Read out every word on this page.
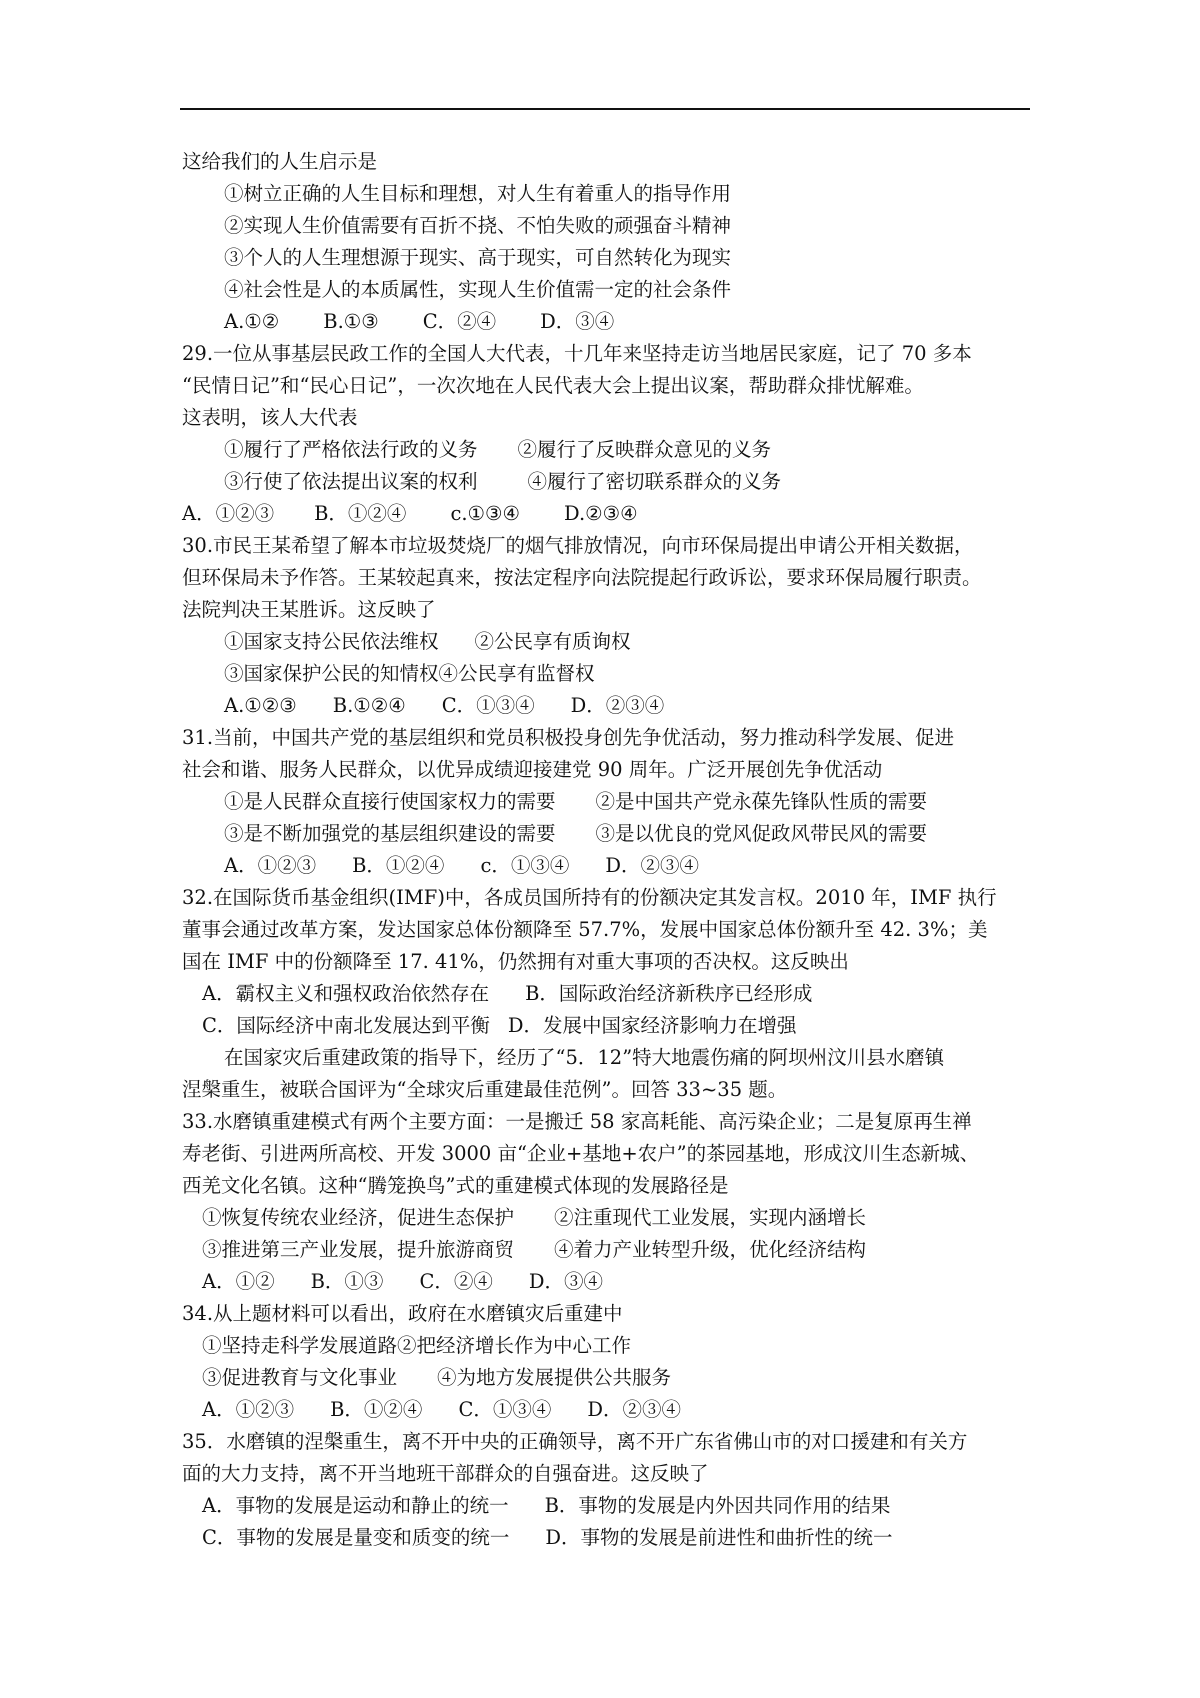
这给我们的人生启示是
①树立正确的人生目标和理想，对人生有着重人的指导作用
②实现人生价值需要有百折不挠、不怕失败的顽强奋斗精神
③个人的人生理想源于现实、高于现实，可自然转化为现实
④社会性是人的本质属性，实现人生价值需一定的社会条件
A.①② B.①③ C．②④ D．③④
29.一位从事基层民政工作的全国人大代表，十几年来坚持走访当地居民家庭，记了 70 多本
“民情日记”和“民心日记”，一次次地在人民代表大会上提出议案，帮助群众排忧解难。
这表明，该人大代表
①履行了严格依法行政的义务 ②履行了反映群众意见的义务
③行使了依法提出议案的权利	④履行了密切联系群众的义务
A．①②③ B．①②④ c.①③④ D.②③④
30.市民王某希望了解本市垃圾焚烧厂的烟气排放情况，向市环保局提出申请公开相关数据，
但环保局未予作答。王某较起真来，按法定程序向法院提起行政诉讼，要求环保局履行职责。
法院判决王某胜诉。这反映了
①国家支持公民依法维权 ②公民享有质询权
③国家保护公民的知情权④公民享有监督权
A.①②③ B.①②④ C．①③④ D．②③④
31.当前，中国共产党的基层组织和党员积极投身创先争优活动，努力推动科学发展、促进
社会和谐、服务人民群众，以优异成绩迎接建党 90 周年。广泛开展创先争优活动
①是人民群众直接行使国家权力的需要 ②是中国共产党永葆先锋队性质的需要
③是不断加强党的基层组织建设的需要 ③是以优良的党风促政风带民风的需要
A．①②③ B．①②④ c．①③④ D．②③④
32.在国际货币基金组织(IMF)中，各成员国所持有的份额决定其发言权。2010 年，IMF 执行
董事会通过改革方案，发达国家总体份额降至 57.7%，发展中国家总体份额升至 42. 3%；美
国在 IMF 中的份额降至 17. 41%，仍然拥有对重大事项的否决权。这反映出
A．霸权主义和强权政治依然存在 B．国际政治经济新秩序已经形成
C．国际经济中南北发展达到平衡 D．发展中国家经济影响力在增强
在国家灾后重建政策的指导下，经历了“5．12”特大地震伤痛的阿坝州汶川县水磨镇
涅槃重生，被联合国评为“全球灾后重建最佳范例”。回答 33~35 题。
33.水磨镇重建模式有两个主要方面：一是搬迁 58 家高耗能、高污染企业；二是复原再生禅
寿老街、引进两所高校、开发 3000 亩“企业+基地+农户”的茶园基地，形成汶川生态新城、
西羌文化名镇。这种“腾笼换鸟”式的重建模式体现的发展路径是
①恢复传统农业经济，促进生态保护 ②注重现代工业发展，实现内涵增长
③推进第三产业发展，提升旅游商贸 ④着力产业转型升级，优化经济结构
A．①② B．①③ C．②④ D．③④
34.从上题材料可以看出，政府在水磨镇灾后重建中
①坚持走科学发展道路②把经济增长作为中心工作
③促进教育与文化事业 ④为地方发展提供公共服务
A．①②③ B．①②④ C．①③④ D．②③④
35．水磨镇的涅槃重生，离不开中央的正确领导，离不开广东省佛山市的对口援建和有关方
面的大力支持，离不开当地班干部群众的自强奋进。这反映了
A．事物的发展是运动和静止的统一 B．事物的发展是内外因共同作用的结果
C．事物的发展是量变和质变的统一 D．事物的发展是前进性和曲折性的统一
